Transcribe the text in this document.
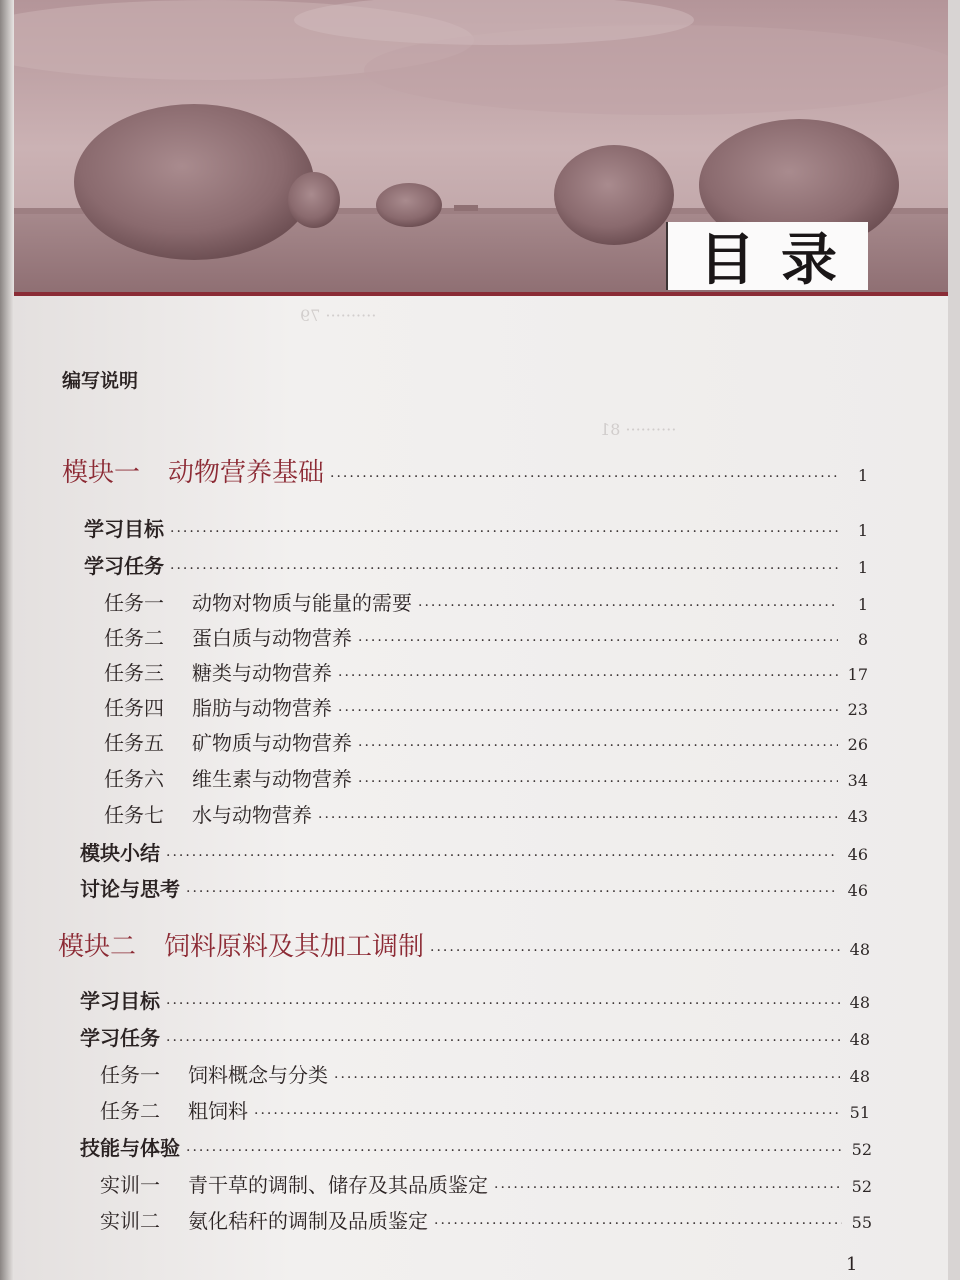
目录
·········· 79
·········· 81
编写说明
模块一 动物营养基础 ·····	1
学习目标 ·····	1
学习任务 ·····	1
任务一 动物对物质与能量的需要 ·····	1
任务二 蛋白质与动物营养 ·····	8
任务三 糖类与动物营养 ·····	17
任务四 脂肪与动物营养 ·····	23
任务五 矿物质与动物营养 ·····	26
任务六 维生素与动物营养 ·····	34
任务七 水与动物营养 ·····	43
模块小结 ·····	46
讨论与思考 ·····	46
模块二 饲料原料及其加工调制 ·····	48
学习目标 ·····	48
学习任务 ·····	48
任务一 饲料概念与分类 ·····	48
任务二 粗饲料 ·····	51
技能与体验 ·····	52
实训一 青干草的调制、储存及其品质鉴定 ·····	52
实训二 氨化秸秆的调制及品质鉴定 ·····	55
1
